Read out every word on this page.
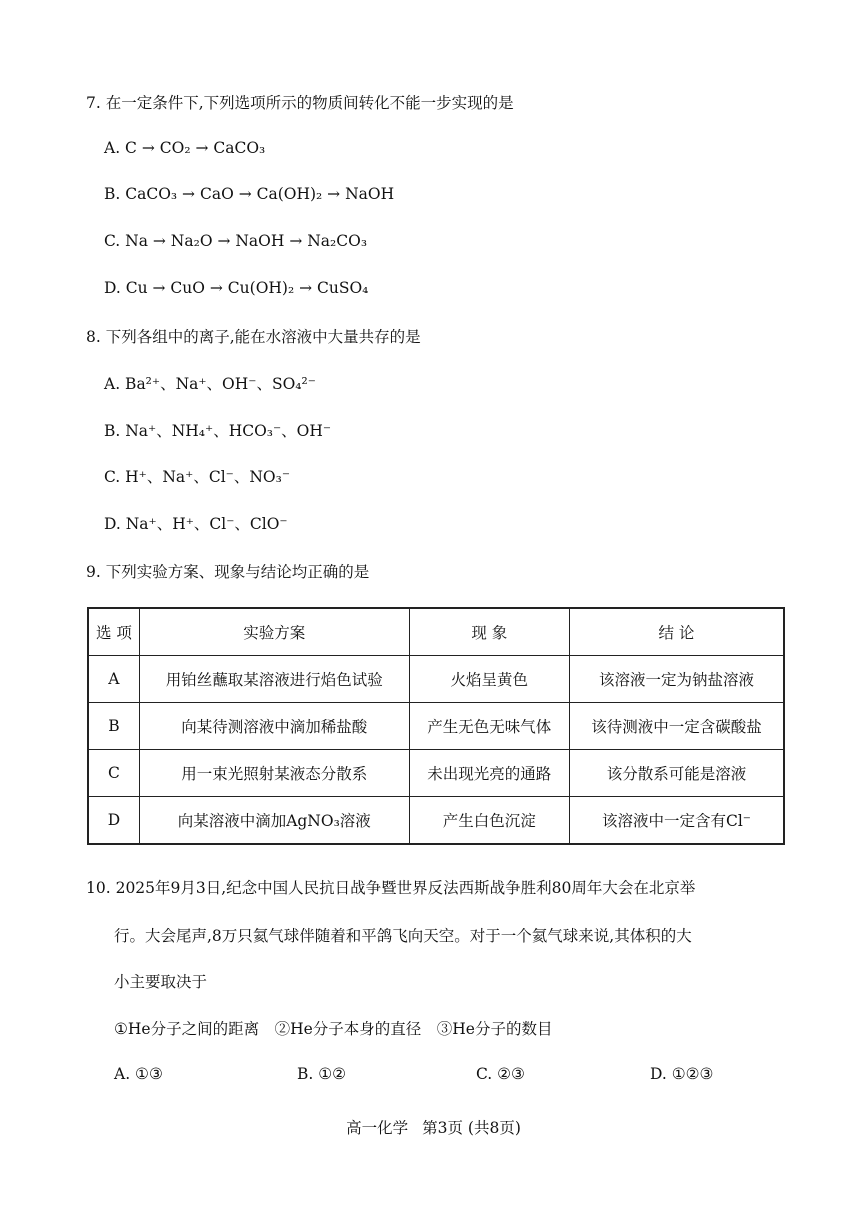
7. 在一定条件下,下列选项所示的物质间转化不能一步实现的是
A. C → CO₂ → CaCO₃
B. CaCO₃ → CaO → Ca(OH)₂ → NaOH
C. Na → Na₂O → NaOH → Na₂CO₃
D. Cu → CuO → Cu(OH)₂ → CuSO₄
8. 下列各组中的离子,能在水溶液中大量共存的是
A. Ba²⁺、Na⁺、OH⁻、SO₄²⁻
B. Na⁺、NH₄⁺、HCO₃⁻、OH⁻
C. H⁺、Na⁺、Cl⁻、NO₃⁻
D. Na⁺、H⁺、Cl⁻、ClO⁻
9. 下列实验方案、现象与结论均正确的是
选 项	实验方案	现 象	结 论
A	用铂丝蘸取某溶液进行焰色试验	火焰呈黄色	该溶液一定为钠盐溶液
B	向某待测溶液中滴加稀盐酸	产生无色无味气体	该待测液中一定含碳酸盐
C	用一束光照射某液态分散系	未出现光亮的通路	该分散系可能是溶液
D	向某溶液中滴加AgNO₃溶液	产生白色沉淀	该溶液中一定含有Cl⁻
10. 2025年9月3日,纪念中国人民抗日战争暨世界反法西斯战争胜利80周年大会在北京举
行。大会尾声,8万只氦气球伴随着和平鸽飞向天空。对于一个氦气球来说,其体积的大
小主要取决于
①He分子之间的距离　②He分子本身的直径　③He分子的数目
A. ①③	B. ①②	C. ②③	D. ①②③
高一化学 第3页 (共8页)
